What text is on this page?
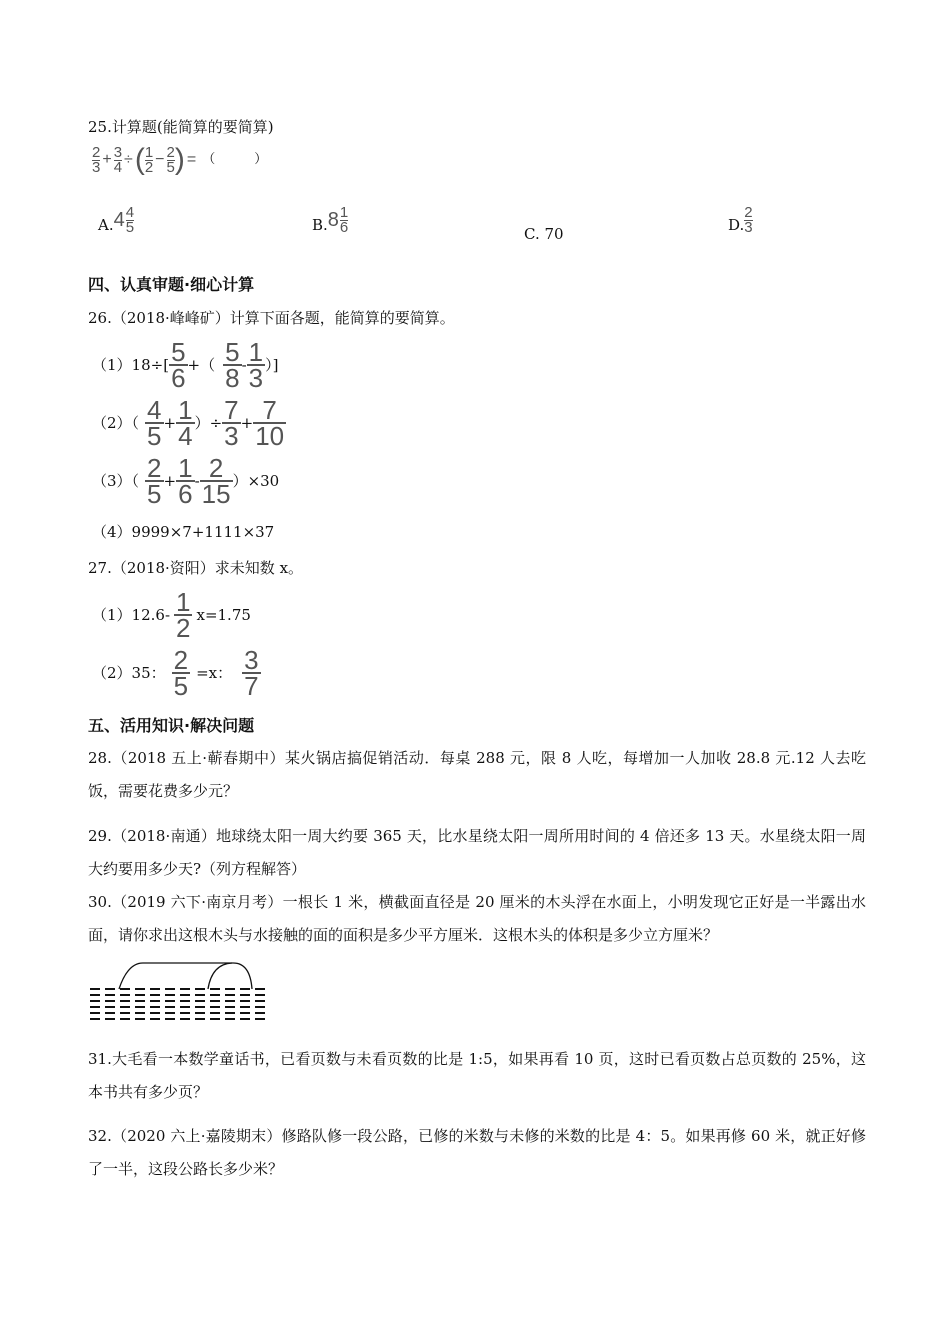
25.计算题(能简算的要简算)
$\frac{2}{3} + \frac{3}{4}$ ÷ ( $\frac{1}{2} - \frac{2}{5}$ ) = （　　　）
A. $4 \frac{4}{5}$	B. $8 \frac{1}{6}$	C. 70	D. $\frac{2}{3}$
四、认真审题·细心计算
26.（2018·峰峰矿）计算下面各题，能简算的要简算。
$(1)18\div[ \frac{5}{6}$ +（ $\frac{5}{8} - \frac{1}{3}$ ）]
$(2)( \frac{4}{5} + \frac{1}{4}$ ）÷ $\frac{7}{3} + \frac{7}{10}$
$(3)( \frac{2}{5} + \frac{1}{6} - \frac{2}{15} )\times 30$
（4）9999×7+1111×37
27.（2018·资阳）求未知数 x。
$(1)12.6- \frac{1}{2} x=1.75$
（2）35： $\frac{2}{5} =x$： $\frac{3}{7}$
五、活用知识·解决问题
28.（2018 五上·蕲春期中）某火锅店搞促销活动．每桌 288 元，限 8 人吃，每增加一人加收 28.8 元.12 人去吃饭，需要花费多少元？
29.（2018·南通）地球绕太阳一周大约要 365 天，比水星绕太阳一周所用时间的 4 倍还多 13 天。水星绕太阳一周大约要用多少天?（列方程解答）
30.（2019 六下·南京月考）一根长 1 米，横截面直径是 20 厘米的木头浮在水面上，小明发现它正好是一半露出水面，请你求出这根木头与水接触的面的面积是多少平方厘米．这根木头的体积是多少立方厘米？
31.大毛看一本数学童话书，已看页数与未看页数的比是 1:5，如果再看 10 页，这时已看页数占总页数的 25%，这本书共有多少页？
32.（2020 六上·嘉陵期末）修路队修一段公路，已修的米数与未修的米数的比是 4：5。如果再修 60 米，就正好修了一半，这段公路长多少米？
